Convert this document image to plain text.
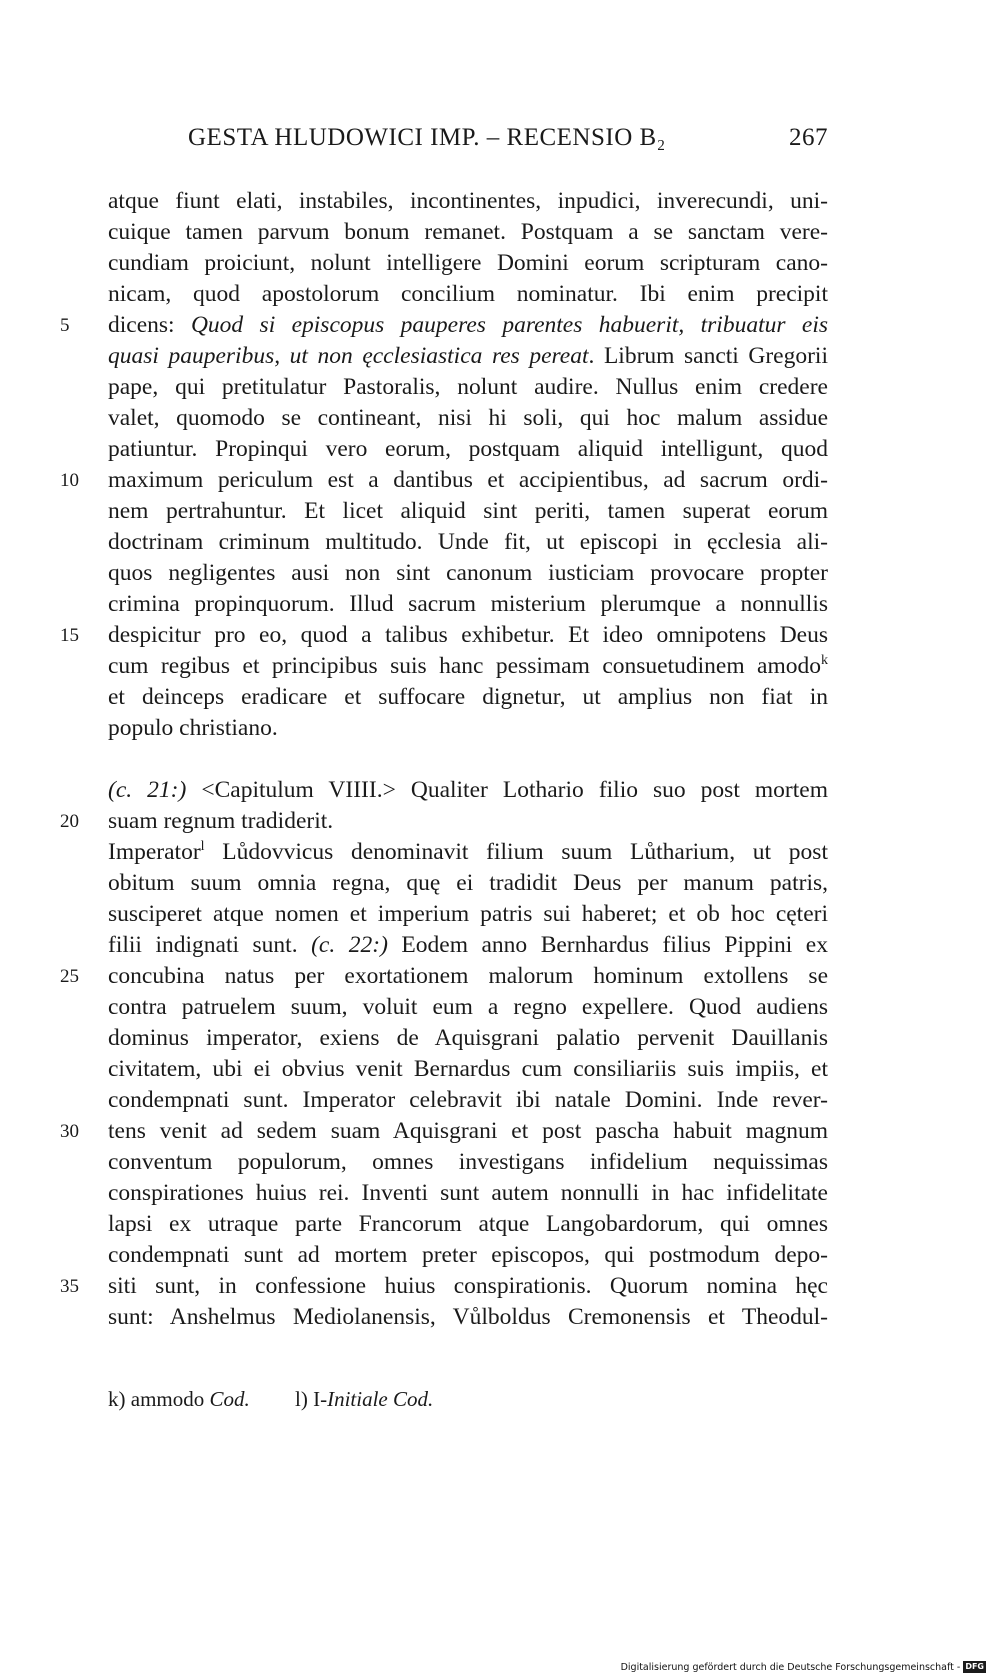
GESTA HLUDOWICI IMP. – RECENSIO B₂	267
atque fiunt elati, instabiles, incontinentes, inpudici, inverecundi, uni-
cuique tamen parvum bonum remanet. Postquam a se sanctam vere-
cundiam proiciunt, nolunt intelligere Domini eorum scripturam cano-
nicam, quod apostolorum concilium nominatur. Ibi enim precipit
dicens: Quod si episcopus pauperes parentes habuerit, tribuatur eis
5
quasi pauperibus, ut non ęcclesiastica res pereat. Librum sancti Gregorii
pape, qui pretitulatur Pastoralis, nolunt audire. Nullus enim credere
valet, quomodo se contineant, nisi hi soli, qui hoc malum assidue
patiuntur. Propinqui vero eorum, postquam aliquid intelligunt, quod
maximum periculum est a dantibus et accipientibus, ad sacrum ordi-
10
nem pertrahuntur. Et licet aliquid sint periti, tamen superat eorum
doctrinam criminum multitudo. Unde fit, ut episcopi in ęcclesia ali-
quos negligentes ausi non sint canonum iusticiam provocare propter
crimina propinquorum. Illud sacrum misterium plerumque a nonnullis
despicitur pro eo, quod a talibus exhibetur. Et ideo omnipotens Deus
15
cum regibus et principibus suis hanc pessimam consuetudinem amodo$^k$
et deinceps eradicare et suffocare dignetur, ut amplius non fiat in
populo christiano.
(c. 21:) <Capitulum VIIII.> Qualiter Lothario filio suo post mortem
suam regnum tradiderit.
20
Imperator$^l$ Lůdovvicus denominavit filium suum Lůtharium, ut post
obitum suum omnia regna, quę ei tradidit Deus per manum patris,
susciperet atque nomen et imperium patris sui haberet; et ob hoc cęteri
filii indignati sunt. (c. 22:) Eodem anno Bernhardus filius Pippini ex
concubina natus per exortationem malorum hominum extollens se
25
contra patruelem suum, voluit eum a regno expellere. Quod audiens
dominus imperator, exiens de Aquisgrani palatio pervenit Dauillanis
civitatem, ubi ei obvius venit Bernardus cum consiliariis suis impiis, et
condempnati sunt. Imperator celebravit ibi natale Domini. Inde rever-
tens venit ad sedem suam Aquisgrani et post pascha habuit magnum
30
conventum populorum, omnes investigans infidelium nequissimas
conspirationes huius rei. Inventi sunt autem nonnulli in hac infidelitate
lapsi ex utraque parte Francorum atque Langobardorum, qui omnes
condempnati sunt ad mortem preter episcopos, qui postmodum depo-
siti sunt, in confessione huius conspirationis. Quorum nomina hęc
35
sunt: Anshelmus Mediolanensis, Vůlboldus Cremonensis et Theodul-
k) ammodo Cod. l) I-Initiale Cod.
Digitalisierung gefördert durch die Deutsche Forschungsgemeinschaft - DFG
